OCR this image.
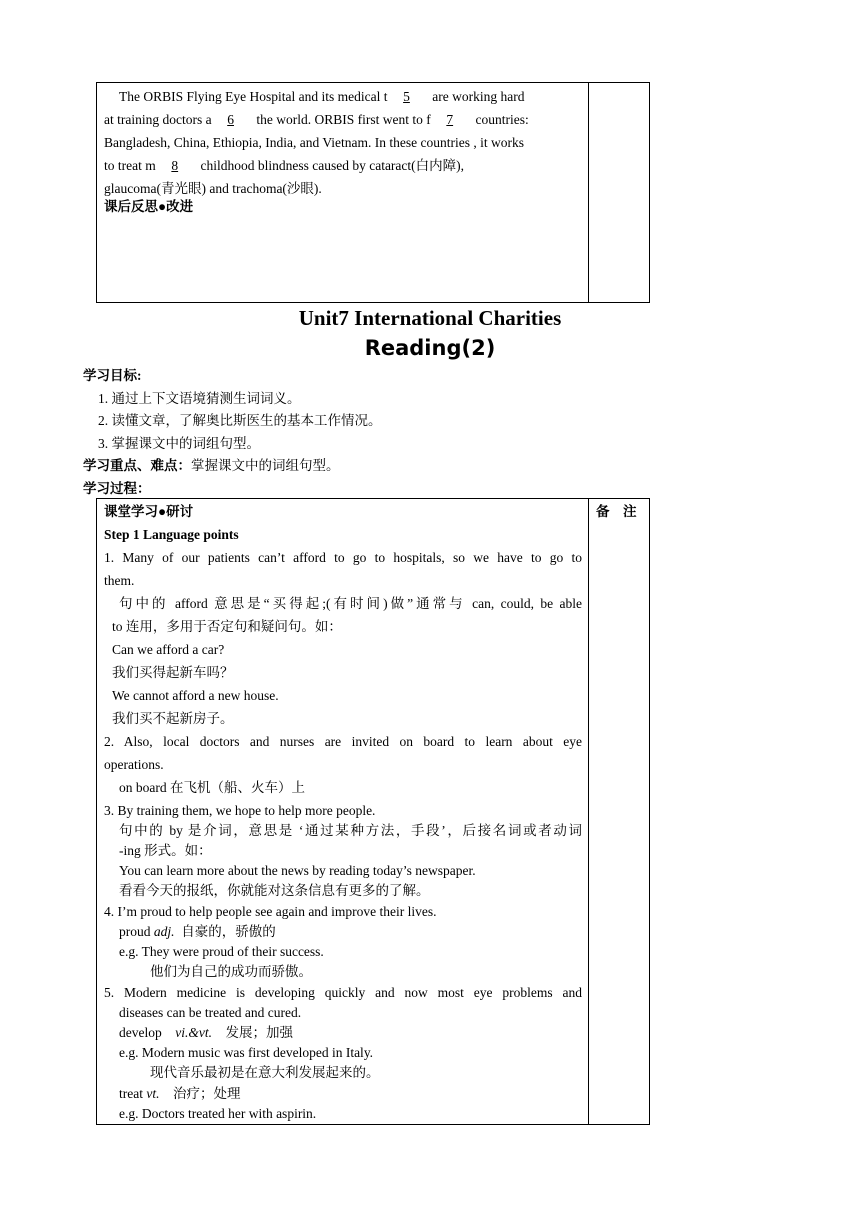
The ORBIS Flying Eye Hospital and its medical t 5 are working hard
at training doctors a 6 the world. ORBIS first went to f 7 countries:
Bangladesh, China, Ethiopia, India, and Vietnam. In these countries , it works
to treat m 8 childhood blindness caused by cataract(白内障),
glaucoma(青光眼) and trachoma(沙眼).
课后反思●改进
Unit7 International Charities
Reading(2)
学习目标:
1. 通过上下文语境猜测生词词义。
2. 读懂文章，了解奥比斯医生的基本工作情况。
3. 掌握课文中的词组句型。
学习重点、难点：掌握课文中的词组句型。
学习过程：
备　注
课堂学习●研讨
Step 1 Language points
1. Many of our patients can’t afford to go to hospitals, so we have to go to
them.
句中的 afford 意思是“买得起;(有时间)做”通常与 can, could, be able
to 连用，多用于否定句和疑问句。如：
Can we afford a car?
我们买得起新车吗？
We cannot afford a new house.
我们买不起新房子。
2. Also, local doctors and nurses are invited on board to learn about eye
operations.
on board 在飞机（船、火车）上
3. By training them, we hope to help more people.
句中的 by 是介词，意思是 ‘通过某种方法，手段’，后接名词或者动词
-ing 形式。如：
You can learn more about the news by reading today’s newspaper.
看看今天的报纸，你就能对这条信息有更多的了解。
4. I’m proud to help people see again and improve their lives.
proud adj. 自豪的，骄傲的
e.g. They were proud of their success.
他们为自己的成功而骄傲。
5. Modern medicine is developing quickly and now most eye problems and
diseases can be treated and cured.
develop vi.&vt. 发展；加强
e.g. Modern music was first developed in Italy.
现代音乐最初是在意大利发展起来的。
treat vt. 治疗；处理
e.g. Doctors treated her with aspirin.
